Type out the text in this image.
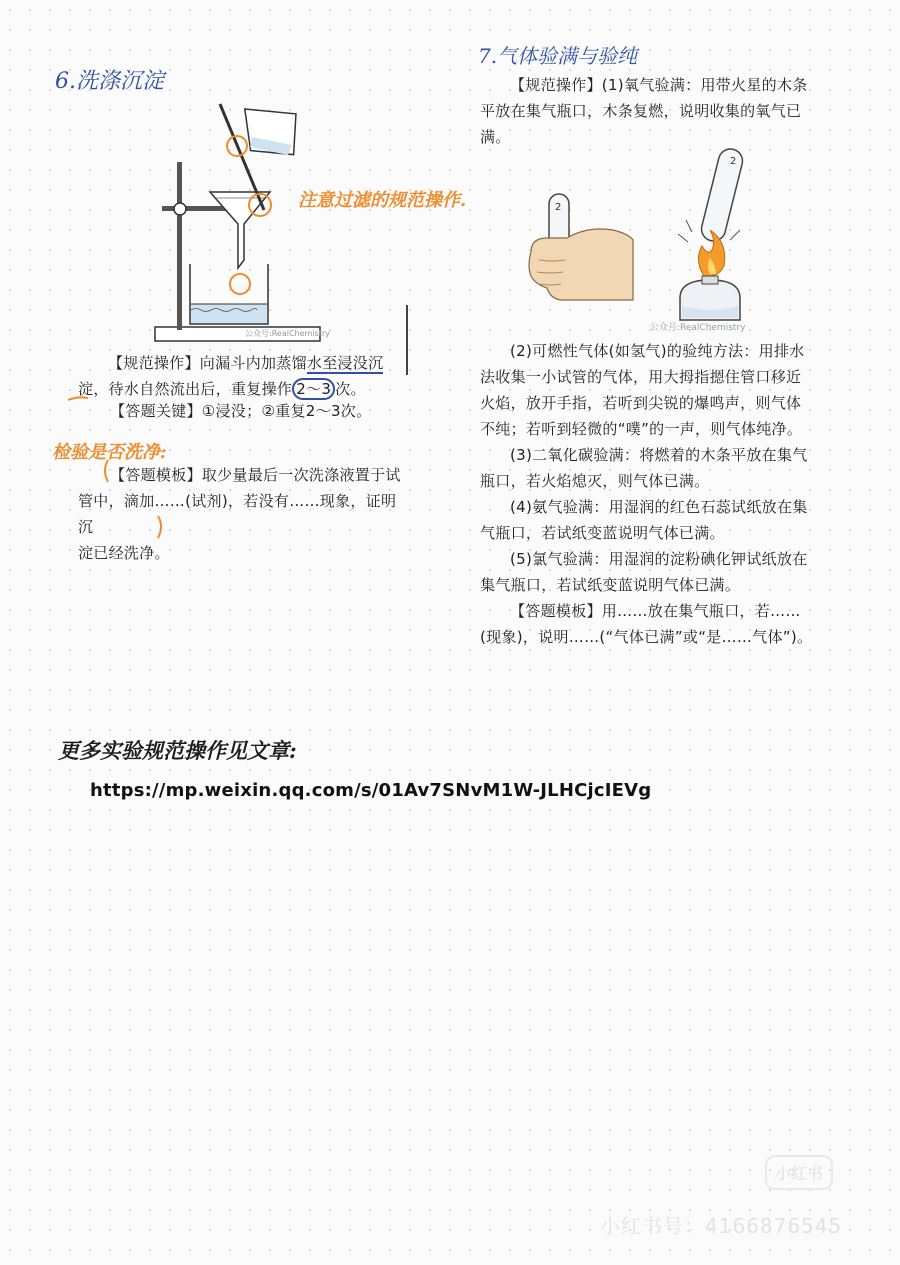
6.洗涤沉淀
公众号:RealChemistry
注意过滤的规范操作.
【规范操作】向漏斗内加蒸馏水至浸没沉
淀，待水自然流出后，重复操作 2～3 次。
【答题关键】①浸没；②重复2～3次。
检验是否洗净:
【答题模板】取少量最后一次洗涤液置于试
管中，滴加……(试剂)，若没有……现象，证明沉
淀已经洗净。
7.气体验满与验纯
【规范操作】(1)氧气验满：用带火星的木条
平放在集气瓶口，木条复燃，说明收集的氧气已
满。
2
2
公众号:RealChemistry
(2)可燃性气体(如氢气)的验纯方法：用排水
法收集一小试管的气体，用大拇指摁住管口移近
火焰，放开手指，若听到尖锐的爆鸣声，则气体
不纯；若听到轻微的“噗”的一声，则气体纯净。
(3)二氧化碳验满：将燃着的木条平放在集气
瓶口，若火焰熄灭，则气体已满。
(4)氨气验满：用湿润的红色石蕊试纸放在集
气瓶口，若试纸变蓝说明气体已满。
(5)氯气验满：用湿润的淀粉碘化钾试纸放在
集气瓶口，若试纸变蓝说明气体已满。
【答题模板】用……放在集气瓶口，若……
(现象)，说明……(“气体已满”或“是……气体”)。
更多实验规范操作见文章:
https://mp.weixin.qq.com/s/01Av7SNvM1W-JLHCjcIEVg
小红书
小红书号：4166876545
